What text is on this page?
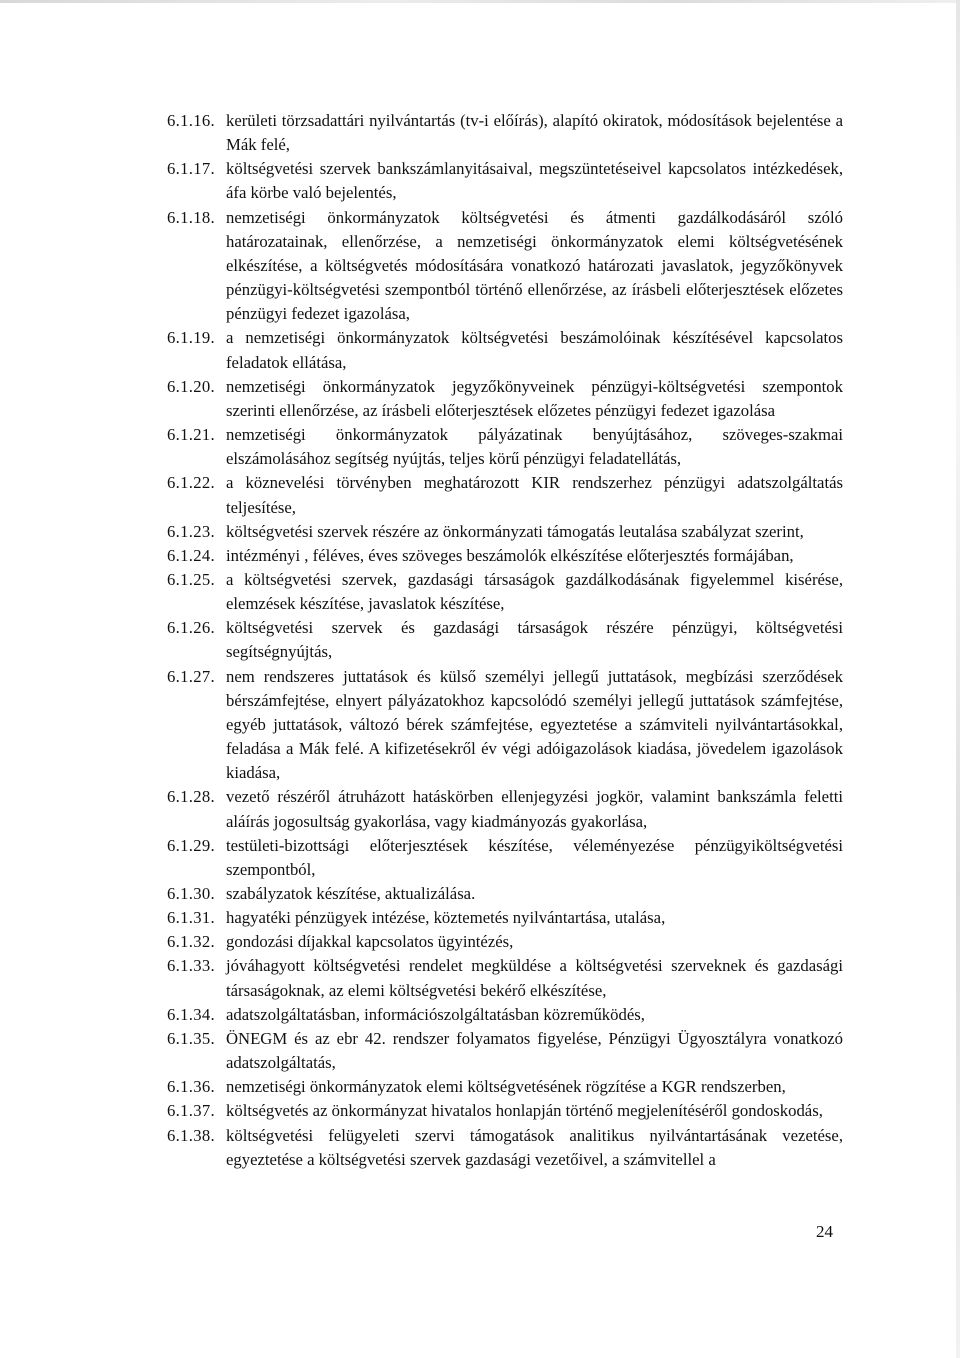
6.1.16. kerületi törzsadattári nyilvántartás (tv-i előírás), alapító okiratok, módosítások bejelentése a Mák felé,
6.1.17. költségvetési szervek bankszámlanyitásaival, megszüntetéseivel kapcsolatos intézkedések, áfa körbe való bejelentés,
6.1.18. nemzetiségi önkormányzatok költségvetési és átmenti gazdálkodásáról szóló határozatainak, ellenőrzése, a nemzetiségi önkormányzatok elemi költségvetésének elkészítése, a költségvetés módosítására vonatkozó határozati javaslatok, jegyzőkönyvek pénzügyi-költségvetési szempontból történő ellenőrzése, az írásbeli előterjesztések előzetes pénzügyi fedezet igazolása,
6.1.19. a nemzetiségi önkormányzatok költségvetési beszámolóinak készítésével kapcsolatos feladatok ellátása,
6.1.20. nemzetiségi önkormányzatok jegyzőkönyveinek pénzügyi-költségvetési szempontok szerinti ellenőrzése, az írásbeli előterjesztések előzetes pénzügyi fedezet igazolása
6.1.21. nemzetiségi önkormányzatok pályázatinak benyújtásához, szöveges-szakmai elszámolásához segítség nyújtás, teljes körű pénzügyi feladatellátás,
6.1.22. a köznevelési törvényben meghatározott KIR rendszerhez pénzügyi adatszolgáltatás teljesítése,
6.1.23. költségvetési szervek részére az önkormányzati támogatás leutalása szabályzat szerint,
6.1.24. intézményi , féléves, éves szöveges beszámolók elkészítése előterjesztés formájában,
6.1.25. a költségvetési szervek, gazdasági társaságok gazdálkodásának figyelemmel kisérése, elemzések készítése, javaslatok készítése,
6.1.26. költségvetési szervek és gazdasági társaságok részére pénzügyi, költségvetési segítségnyújtás,
6.1.27. nem rendszeres juttatások és külső személyi jellegű juttatások, megbízási szerződések bérszámfejtése, elnyert pályázatokhoz kapcsolódó személyi jellegű juttatások számfejtése, egyéb juttatások, változó bérek számfejtése, egyeztetése a számviteli nyilvántartásokkal, feladása a Mák felé. A kifizetésekről év végi adóigazolások kiadása, jövedelem igazolások kiadása,
6.1.28. vezető részéről átruházott hatáskörben ellenjegyzési jogkör, valamint bankszámla feletti aláírás jogosultság gyakorlása, vagy kiadmányozás gyakorlása,
6.1.29. testületi-bizottsági előterjesztések készítése, véleményezése pénzügyiköltségvetési szempontból,
6.1.30. szabályzatok készítése, aktualizálása.
6.1.31. hagyatéki pénzügyek intézése, köztemetés nyilvántartása, utalása,
6.1.32. gondozási díjakkal kapcsolatos ügyintézés,
6.1.33. jóváhagyott költségvetési rendelet megküldése a költségvetési szerveknek és gazdasági társaságoknak, az elemi költségvetési bekérő elkészítése,
6.1.34. adatszolgáltatásban, információszolgáltatásban közreműködés,
6.1.35. ÖNEGM és az ebr 42. rendszer folyamatos figyelése, Pénzügyi Ügyosztályra vonatkozó adatszolgáltatás,
6.1.36. nemzetiségi önkormányzatok elemi költségvetésének rögzítése a KGR rendszerben,
6.1.37. költségvetés az önkormányzat hivatalos honlapján történő megjelenítéséről gondoskodás,
6.1.38. költségvetési felügyeleti szervi támogatások analitikus nyilvántartásának vezetése, egyeztetése a költségvetési szervek gazdasági vezetőivel, a számvitellel a
24
